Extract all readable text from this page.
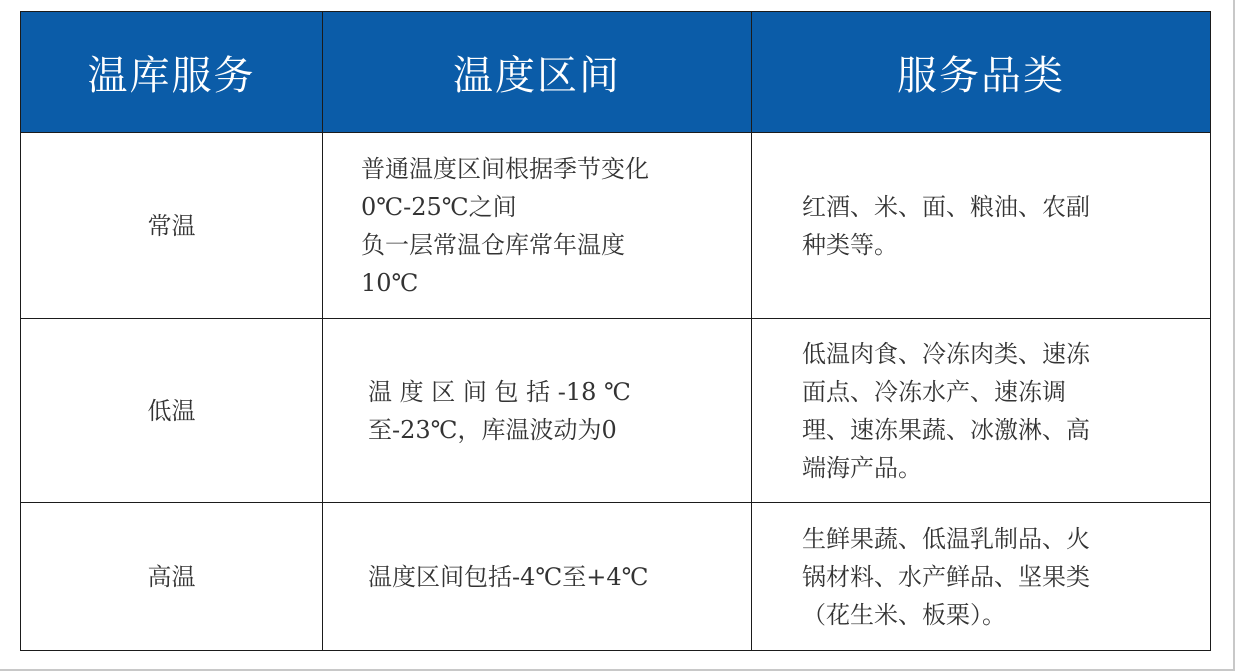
温库服务	温度区间	服务品类
常温	普通温度区间根据季节变化
0℃-25℃之间
负一层常温仓库常年温度
10℃	红酒、米、面、粮油、农副
种类等。

低温	温 度 区 间 包 括 -18 ℃
至-23℃，库温波动为0	低温肉食、冷冻肉类、速冻
面点、冷冻水产、速冻调
理、速冻果蔬、冰激淋、高
端海产品。

高温	温度区间包括-4℃至+4℃	生鲜果蔬、低温乳制品、火
锅材料、水产鲜品、坚果类
（花生米、板栗）。
